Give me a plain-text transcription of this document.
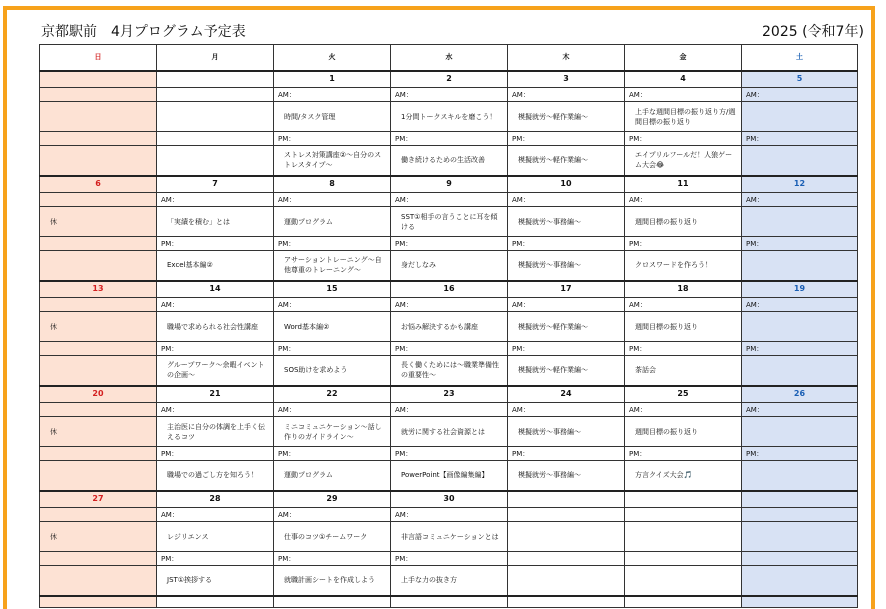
京都駅前　4月プログラム予定表	2025 (令和7年)
日	月	火	水	木	金	土
		1	2	3	4	5
		AM：	AM：	AM：	AM：	AM：
		時間/タスク管理	1分間トークスキルを磨こう！	模擬就労～軽作業編～	上手な週間目標の振り返り方/週間目標の振り返り	
		PM：	PM：	PM：	PM：	PM：
		ストレス対策講座②～自分のストレスタイプ～	働き続けるための生活改善	模擬就労～軽作業編～	エイプリルフールだ！人狼ゲーム大会😂	
6	7	8	9	10	11	12
	AM：	AM：	AM：	AM：	AM：	AM：
休	「実績を積む」とは	運動プログラム	SST①相手の言うことに耳を傾ける	模擬就労～事務編～	週間目標の振り返り	
	PM：	PM：	PM：	PM：	PM：	PM：
	Excel基本編②	アサーショントレーニング～自他尊重のトレーニング～	身だしなみ	模擬就労～事務編～	クロスワードを作ろう！	
13	14	15	16	17	18	19
	AM：	AM：	AM：	AM：	AM：	AM：
休	職場で求められる社会性講座	Word基本編②	お悩み解決するかも講座	模擬就労～軽作業編～	週間目標の振り返り	
	PM：	PM：	PM：	PM：	PM：	PM：
	グループワーク～余暇イベントの企画～	SOS助けを求めよう	長く働くためには～職業準備性の重要性～	模擬就労～軽作業編～	茶話会	
20	21	22	23	24	25	26
	AM：	AM：	AM：	AM：	AM：	AM：
休	主治医に自分の体調を上手く伝えるコツ	ミニコミュニケーション～話し作りのガイドライン～	就労に関する社会資源とは	模擬就労～事務編～	週間目標の振り返り	
	PM：	PM：	PM：	PM：	PM：	PM：
	職場での過ごし方を知ろう！	運動プログラム	PowerPoint【画像編集編】	模擬就労～事務編～	方言クイズ大会🎵	
27	28	29	30			
	AM：	AM：	AM：			
休	レジリエンス	仕事のコツ①チームワーク	非言語コミュニケーションとは			
	PM：	PM：	PM：			
	JST①挨拶する	就職計画シートを作成しよう	上手な力の抜き方			
